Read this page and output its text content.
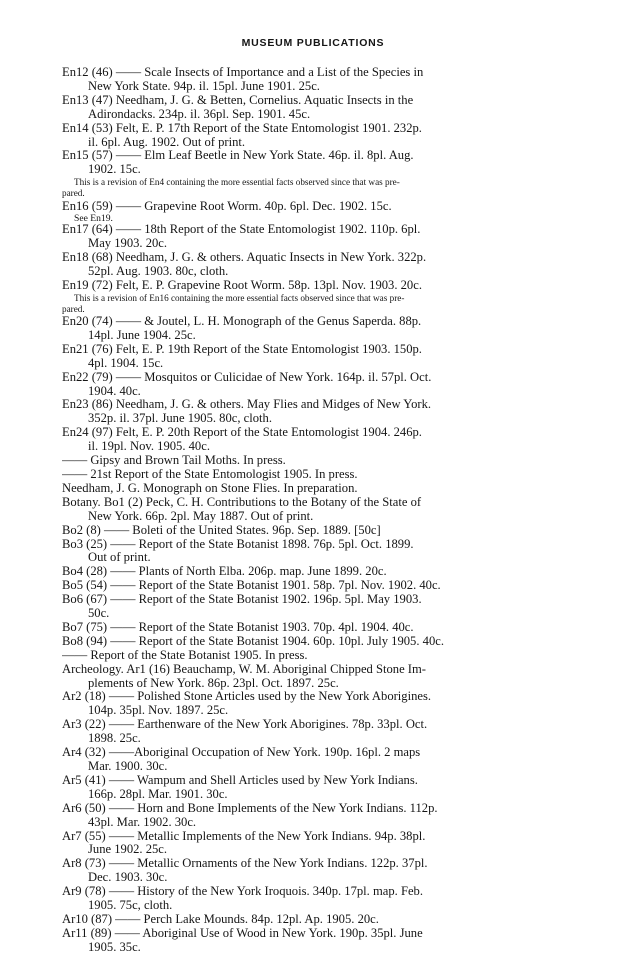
MUSEUM PUBLICATIONS
En12 (46) —— Scale Insects of Importance and a List of the Species in
New York State. 94p. il. 15pl. June 1901. 25c.
En13 (47) Needham, J. G. & Betten, Cornelius. Aquatic Insects in the
Adirondacks. 234p. il. 36pl. Sep. 1901. 45c.
En14 (53) Felt, E. P. 17th Report of the State Entomologist 1901. 232p.
il. 6pl. Aug. 1902. Out of print.
En15 (57) —— Elm Leaf Beetle in New York State. 46p. il. 8pl. Aug.
1902. 15c.
This is a revision of En4 containing the more essential facts observed since that was pre-
pared.
En16 (59) —— Grapevine Root Worm. 40p. 6pl. Dec. 1902. 15c.
See En19.
En17 (64) —— 18th Report of the State Entomologist 1902. 110p. 6pl.
May 1903. 20c.
En18 (68) Needham, J. G. & others. Aquatic Insects in New York. 322p.
52pl. Aug. 1903. 80c, cloth.
En19 (72) Felt, E. P. Grapevine Root Worm. 58p. 13pl. Nov. 1903. 20c.
This is a revision of En16 containing the more essential facts observed since that was pre-
pared.
En20 (74) —— & Joutel, L. H. Monograph of the Genus Saperda. 88p.
14pl. June 1904. 25c.
En21 (76) Felt, E. P. 19th Report of the State Entomologist 1903. 150p.
4pl. 1904. 15c.
En22 (79) —— Mosquitos or Culicidae of New York. 164p. il. 57pl. Oct.
1904. 40c.
En23 (86) Needham, J. G. & others. May Flies and Midges of New York.
352p. il. 37pl. June 1905. 80c, cloth.
En24 (97) Felt, E. P. 20th Report of the State Entomologist 1904. 246p.
il. 19pl. Nov. 1905. 40c.
—— Gipsy and Brown Tail Moths. In press.
—— 21st Report of the State Entomologist 1905. In press.
Needham, J. G. Monograph on Stone Flies. In preparation.
Botany. Bo1 (2) Peck, C. H. Contributions to the Botany of the State of
New York. 66p. 2pl. May 1887. Out of print.
Bo2 (8) —— Boleti of the United States. 96p. Sep. 1889. [50c]
Bo3 (25) —— Report of the State Botanist 1898. 76p. 5pl. Oct. 1899.
Out of print.
Bo4 (28) —— Plants of North Elba. 206p. map. June 1899. 20c.
Bo5 (54) —— Report of the State Botanist 1901. 58p. 7pl. Nov. 1902. 40c.
Bo6 (67) —— Report of the State Botanist 1902. 196p. 5pl. May 1903.
50c.
Bo7 (75) —— Report of the State Botanist 1903. 70p. 4pl. 1904. 40c.
Bo8 (94) —— Report of the State Botanist 1904. 60p. 10pl. July 1905. 40c.
—— Report of the State Botanist 1905. In press.
Archeology. Ar1 (16) Beauchamp, W. M. Aboriginal Chipped Stone Im-
plements of New York. 86p. 23pl. Oct. 1897. 25c.
Ar2 (18) —— Polished Stone Articles used by the New York Aborigines.
104p. 35pl. Nov. 1897. 25c.
Ar3 (22) —— Earthenware of the New York Aborigines. 78p. 33pl. Oct.
1898. 25c.
Ar4 (32) ——Aboriginal Occupation of New York. 190p. 16pl. 2 maps
Mar. 1900. 30c.
Ar5 (41) —— Wampum and Shell Articles used by New York Indians.
166p. 28pl. Mar. 1901. 30c.
Ar6 (50) —— Horn and Bone Implements of the New York Indians. 112p.
43pl. Mar. 1902. 30c.
Ar7 (55) —— Metallic Implements of the New York Indians. 94p. 38pl.
June 1902. 25c.
Ar8 (73) —— Metallic Ornaments of the New York Indians. 122p. 37pl.
Dec. 1903. 30c.
Ar9 (78) —— History of the New York Iroquois. 340p. 17pl. map. Feb.
1905. 75c, cloth.
Ar10 (87) —— Perch Lake Mounds. 84p. 12pl. Ap. 1905. 20c.
Ar11 (89) —— Aboriginal Use of Wood in New York. 190p. 35pl. June
1905. 35c.
